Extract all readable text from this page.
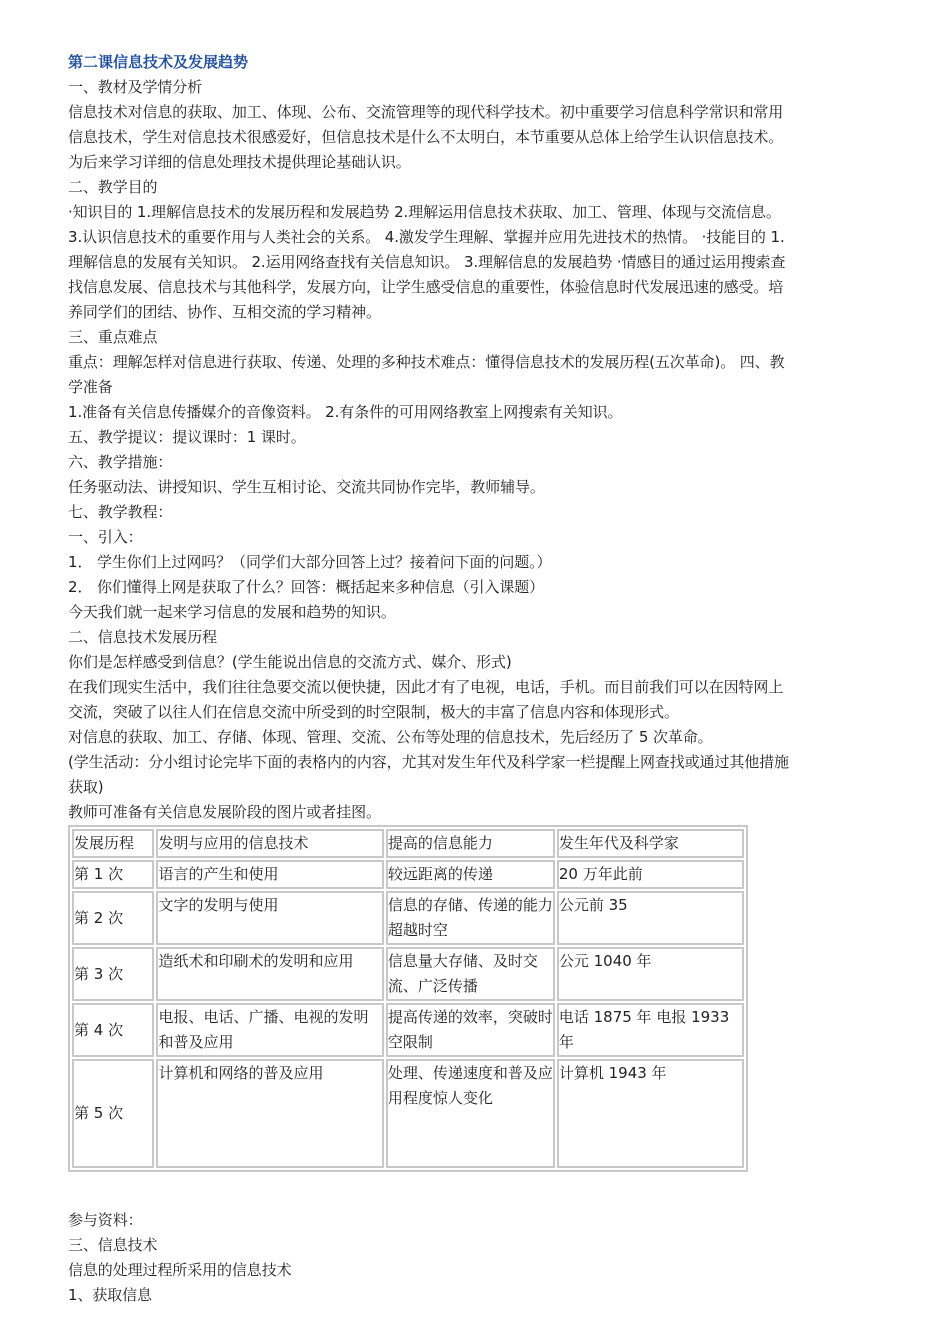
第二课信息技术及发展趋势
一、教材及学情分析
信息技术对信息的获取、加工、体现、公布、交流管理等的现代科学技术。初中重要学习信息科学常识和常用
信息技术，学生对信息技术很感爱好，但信息技术是什么不太明白，本节重要从总体上给学生认识信息技术。
为后来学习详细的信息处理技术提供理论基础认识。
二、教学目的
·知识目的 1.理解信息技术的发展历程和发展趋势 2.理解运用信息技术获取、加工、管理、体现与交流信息。
3.认识信息技术的重要作用与人类社会的关系。 4.激发学生理解、掌握并应用先进技术的热情。 ·技能目的 1.
理解信息的发展有关知识。 2.运用网络查找有关信息知识。 3.理解信息的发展趋势 ·情感目的通过运用搜索查
找信息发展、信息技术与其他科学，发展方向，让学生感受信息的重要性，体验信息时代发展迅速的感受。培
养同学们的团结、协作、互相交流的学习精神。
三、重点难点
重点：理解怎样对信息进行获取、传递、处理的多种技术难点：懂得信息技术的发展历程(五次革命)。 四、教
学准备
1.准备有关信息传播媒介的音像资料。 2.有条件的可用网络教室上网搜索有关知识。
五、教学提议：提议课时：1 课时。
六、教学措施：
任务驱动法、讲授知识、学生互相讨论、交流共同协作完毕，教师辅导。
七、教学教程：
一、引入：
1． 学生你们上过网吗？（同学们大部分回答上过？接着问下面的问题。）
2． 你们懂得上网是获取了什么？回答：概括起来多种信息（引入课题）
今天我们就一起来学习信息的发展和趋势的知识。
二、信息技术发展历程
你们是怎样感受到信息？(学生能说出信息的交流方式、媒介、形式)
在我们现实生活中，我们往往急要交流以便快捷，因此才有了电视，电话，手机。而目前我们可以在因特网上
交流，突破了以往人们在信息交流中所受到的时空限制，极大的丰富了信息内容和体现形式。
对信息的获取、加工、存储、体现、管理、交流、公布等处理的信息技术，先后经历了 5 次革命。
(学生活动：分小组讨论完毕下面的表格内的内容，尤其对发生年代及科学家一栏提醒上网查找或通过其他措施
获取)
教师可准备有关信息发展阶段的图片或者挂图。
发展历程	发明与应用的信息技术	提高的信息能力	发生年代及科学家
第 1 次	语言的产生和使用	较远距离的传递	20 万年此前
第 2 次	文字的发明与使用	信息的存储、传递的能力超越时空	公元前 35
第 3 次	造纸术和印刷术的发明和应用	信息量大存储、及时交流、广泛传播	公元 1040 年
第 4 次	电报、电话、广播、电视的发明和普及应用	提高传递的效率，突破时空限制	电话 1875 年 电报 1933 年
第 5 次	计算机和网络的普及应用	处理、传递速度和普及应用程度惊人变化	计算机 1943 年
参与资料：
三、信息技术
信息的处理过程所采用的信息技术
1、获取信息
